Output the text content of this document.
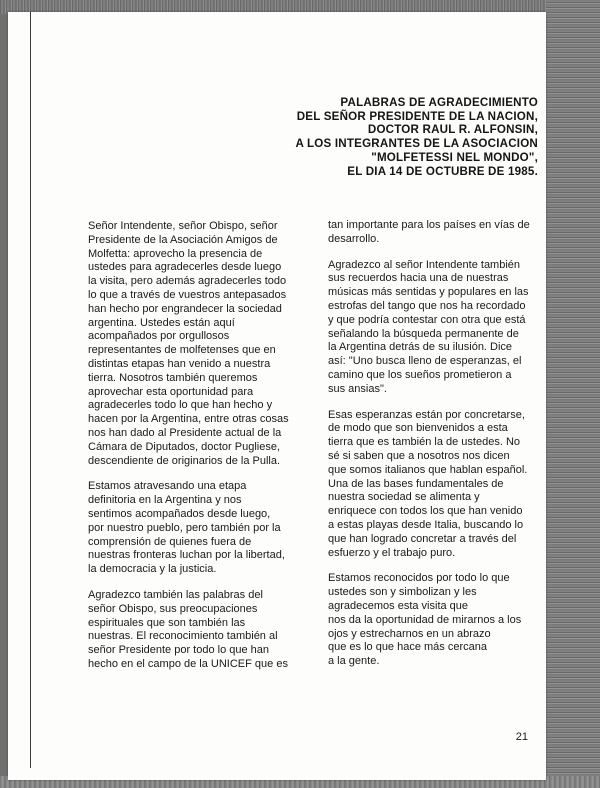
PALABRAS DE AGRADECIMIENTO
DEL SEÑOR PRESIDENTE DE LA NACION,
DOCTOR RAUL R. ALFONSIN,
A LOS INTEGRANTES DE LA ASOCIACION
"MOLFETESSI NEL MONDO",
EL DIA 14 DE OCTUBRE DE 1985.
Señor Intendente, señor Obispo, señor
Presidente de la Asociación Amigos de
Molfetta: aprovecho la presencia de
ustedes para agradecerles desde luego
la visita, pero además agradecerles todo
lo que a través de vuestros antepasados
han hecho por engrandecer la sociedad
argentina. Ustedes están aquí
acompañados por orgullosos
representantes de molfetenses que en
distintas etapas han venido a nuestra
tierra. Nosotros también queremos
aprovechar esta oportunidad para
agradecerles todo lo que han hecho y
hacen por la Argentina, entre otras cosas
nos han dado al Presidente actual de la
Cámara de Diputados, doctor Pugliese,
descendiente de originarios de la Pulla.
Estamos atravesando una etapa
definitoria en la Argentina y nos
sentimos acompañados desde luego,
por nuestro pueblo, pero también por la
comprensión de quienes fuera de
nuestras fronteras luchan por la libertad,
la democracia y la justicia.
Agradezco también las palabras del
señor Obispo, sus preocupaciones
espirituales que son también las
nuestras. El reconocimiento también al
señor Presidente por todo lo que han
hecho en el campo de la UNICEF que es
tan importante para los países en vías de
desarrollo.
Agradezco al señor Intendente también
sus recuerdos hacia una de nuestras
músicas más sentidas y populares en las
estrofas del tango que nos ha recordado
y que podría contestar con otra que está
señalando la búsqueda permanente de
la Argentina detrás de su ilusión. Dice
así: "Uno busca lleno de esperanzas, el
camino que los sueños prometieron a
sus ansias".
Esas esperanzas están por concretarse,
de modo que son bienvenidos a esta
tierra que es también la de ustedes. No
sé si saben que a nosotros nos dicen
que somos italianos que hablan español.
Una de las bases fundamentales de
nuestra sociedad se alimenta y
enriquece con todos los que han venido
a estas playas desde Italia, buscando lo
que han logrado concretar a través del
esfuerzo y el trabajo puro.
Estamos reconocidos por todo lo que
ustedes son y simbolizan y les
agradecemos esta visita que
nos da la oportunidad de mirarnos a los
ojos y estrecharnos en un abrazo
que es lo que hace más cercana
a la gente.
21
